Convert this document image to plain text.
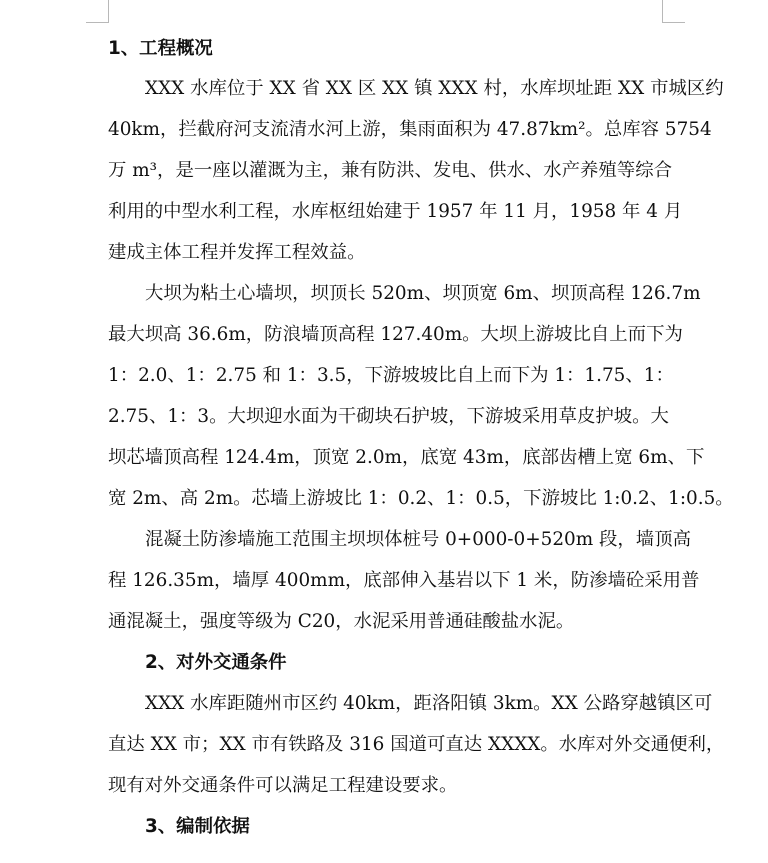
1、工程概况
XXX 水库位于 XX 省 XX 区 XX 镇 XXX 村，水库坝址距 XX 市城区约
40km，拦截府河支流清水河上游，集雨面积为 47.87km²。总库容 5754
万 m³，是一座以灌溉为主，兼有防洪、发电、供水、水产养殖等综合
利用的中型水利工程，水库枢纽始建于 1957 年 11 月，1958 年 4 月
建成主体工程并发挥工程效益。
大坝为粘土心墙坝，坝顶长 520m、坝顶宽 6m、坝顶高程 126.7m
最大坝高 36.6m，防浪墙顶高程 127.40m。大坝上游坡比自上而下为
1：2.0、1：2.75 和 1：3.5，下游坡坡比自上而下为 1：1.75、1：
2.75、1：3。大坝迎水面为干砌块石护坡，下游坡采用草皮护坡。大
坝芯墙顶高程 124.4m，顶宽 2.0m，底宽 43m，底部齿槽上宽 6m、下
宽 2m、高 2m。芯墙上游坡比 1：0.2、1：0.5，下游坡比 1:0.2、1:0.5。
混凝土防渗墙施工范围主坝坝体桩号 0+000-0+520m 段，墙顶高
程 126.35m，墙厚 400mm，底部伸入基岩以下 1 米，防渗墙砼采用普
通混凝土，强度等级为 C20，水泥采用普通硅酸盐水泥。
2、对外交通条件
XXX 水库距随州市区约 40km，距洛阳镇 3km。XX 公路穿越镇区可
直达 XX 市；XX 市有铁路及 316 国道可直达 XXXX。水库对外交通便利，
现有对外交通条件可以满足工程建设要求。
3、编制依据
